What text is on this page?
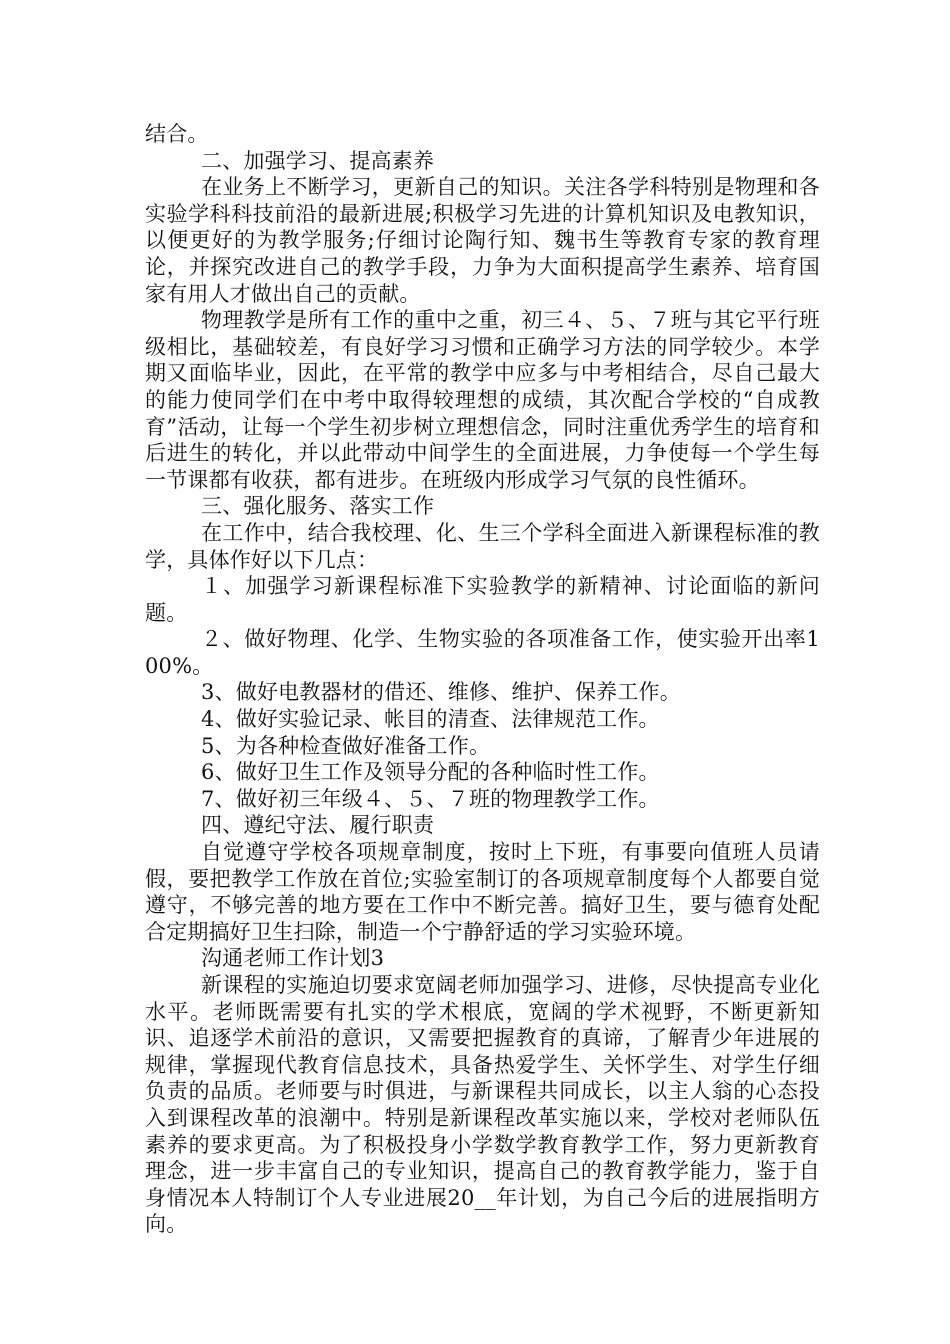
结合。

二、加强学习、提高素养

在业务上不断学习，更新自己的知识。关注各学科特别是物理和各实验学科科技前沿的最新进展;积极学习先进的计算机知识及电教知识，以便更好的为教学服务;仔细讨论陶行知、魏书生等教育专家的教育理论，并探究改进自己的教学手段，力争为大面积提高学生素养、培育国家有用人才做出自己的贡献。

物理教学是所有工作的重中之重，初三４、５、７班与其它平行班级相比，基础较差，有良好学习习惯和正确学习方法的同学较少。本学期又面临毕业，因此，在平常的教学中应多与中考相结合，尽自己最大的能力使同学们在中考中取得较理想的成绩，其次配合学校的“自成教育”活动，让每一个学生初步树立理想信念，同时注重优秀学生的培育和后进生的转化，并以此带动中间学生的全面进展，力争使每一个学生每一节课都有收获，都有进步。在班级内形成学习气氛的良性循环。

三、强化服务、落实工作

在工作中，结合我校理、化、生三个学科全面进入新课程标准的教学，具体作好以下几点：

１、加强学习新课程标准下实验教学的新精神、讨论面临的新问题。

２、做好物理、化学、生物实验的各项准备工作，使实验开出率100%。

3、做好电教器材的借还、维修、维护、保养工作。

4、做好实验记录、帐目的清查、法律规范工作。

5、为各种检查做好准备工作。

6、做好卫生工作及领导分配的各种临时性工作。

7、做好初三年级４、５、７班的物理教学工作。

四、遵纪守法、履行职责

自觉遵守学校各项规章制度，按时上下班，有事要向值班人员请假，要把教学工作放在首位;实验室制订的各项规章制度每个人都要自觉遵守，不够完善的地方要在工作中不断完善。搞好卫生，要与德育处配合定期搞好卫生扫除，制造一个宁静舒适的学习实验环境。

沟通老师工作计划3

新课程的实施迫切要求宽阔老师加强学习、进修，尽快提高专业化水平。老师既需要有扎实的学术根底，宽阔的学术视野，不断更新知识、追逐学术前沿的意识，又需要把握教育的真谛，了解青少年进展的规律，掌握现代教育信息技术，具备热爱学生、关怀学生、对学生仔细负责的品质。老师要与时俱进，与新课程共同成长，以主人翁的心态投入到课程改革的浪潮中。特别是新课程改革实施以来，学校对老师队伍素养的要求更高。为了积极投身小学数学教育教学工作，努力更新教育理念，进一步丰富自己的专业知识，提高自己的教育教学能力，鉴于自身情况本人特制订个人专业进展20__年计划，为自己今后的进展指明方向。
